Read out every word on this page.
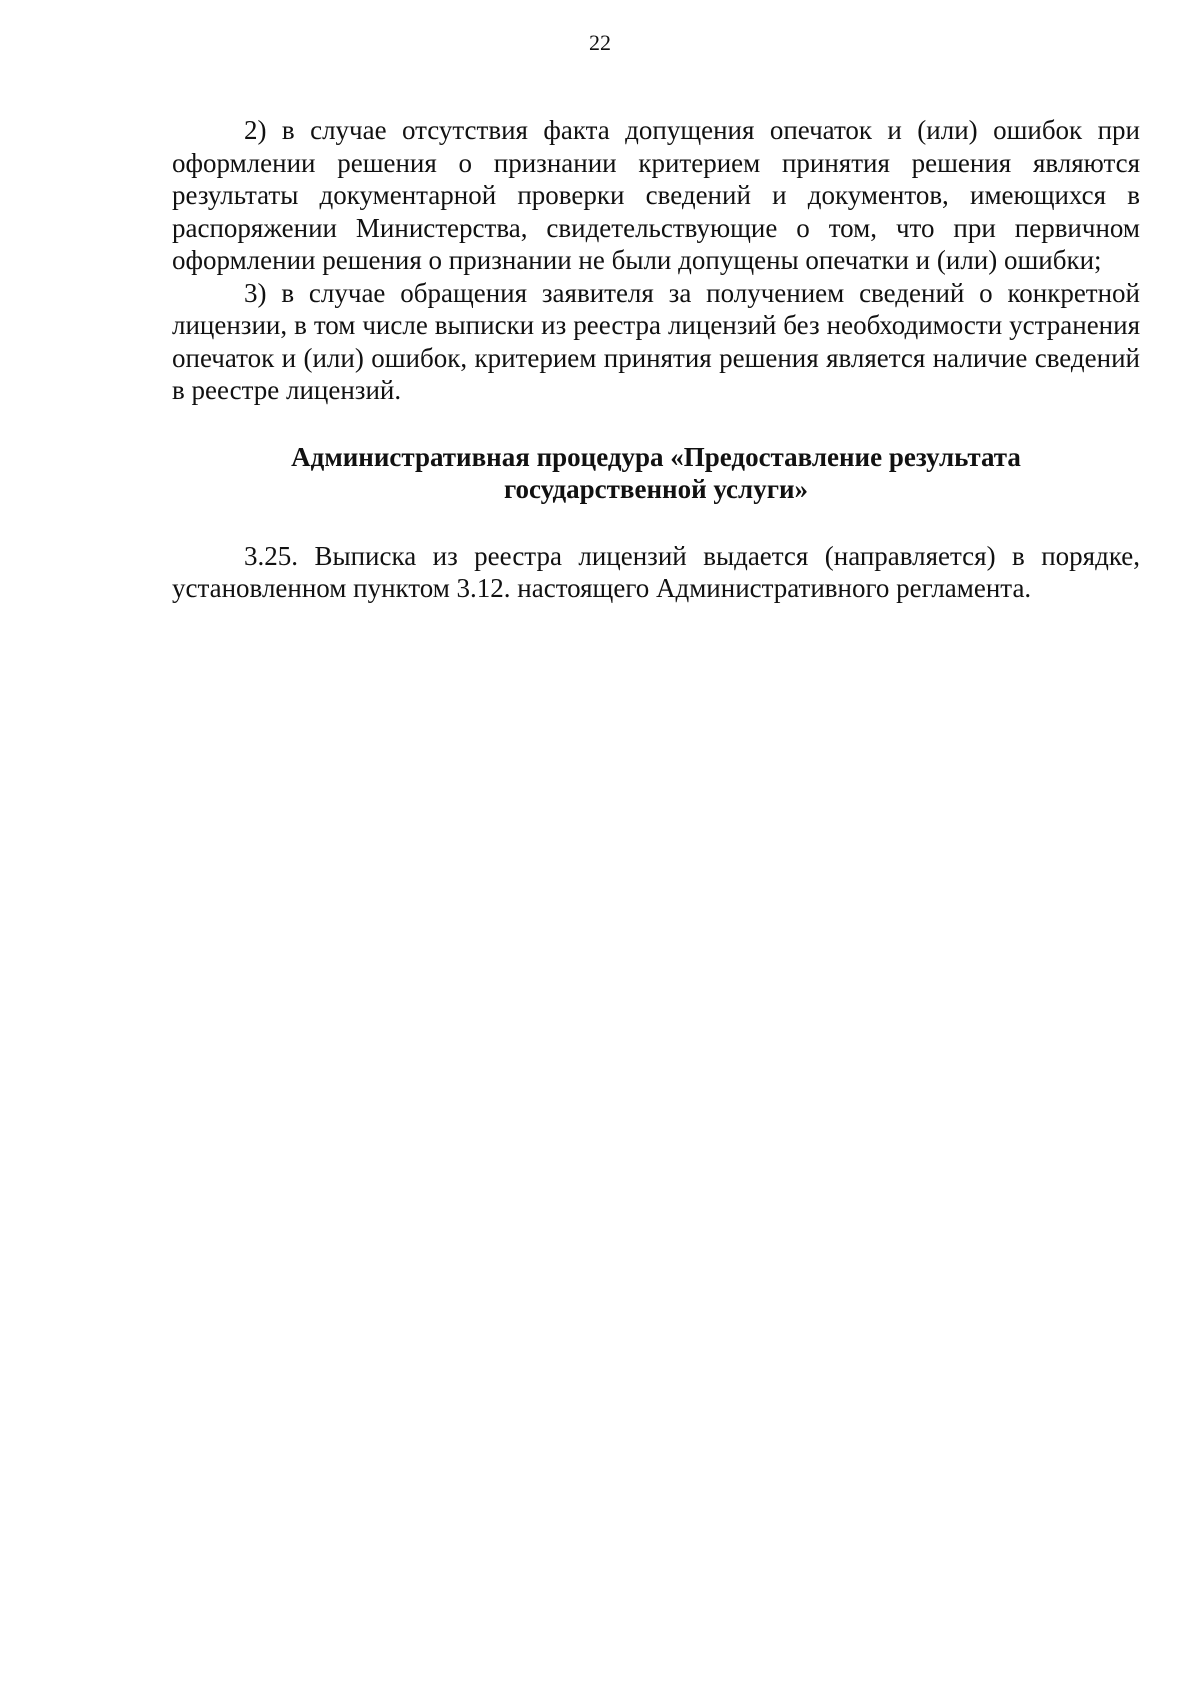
22

2) в случае отсутствия факта допущения опечаток и (или) ошибок при оформлении решения о признании критерием принятия решения являются результаты документарной проверки сведений и документов, имеющихся в распоряжении Министерства, свидетельствующие о том, что при первичном оформлении решения о признании не были допущены опечатки и (или) ошибки;

3) в случае обращения заявителя за получением сведений о конкретной лицензии, в том числе выписки из реестра лицензий без необходимости устранения опечаток и (или) ошибок, критерием принятия решения является наличие сведений в реестре лицензий.

Административная процедура «Предоставление результата государственной услуги»

3.25. Выписка из реестра лицензий выдается (направляется) в порядке, установленном пунктом 3.12. настоящего Административного регламента.
